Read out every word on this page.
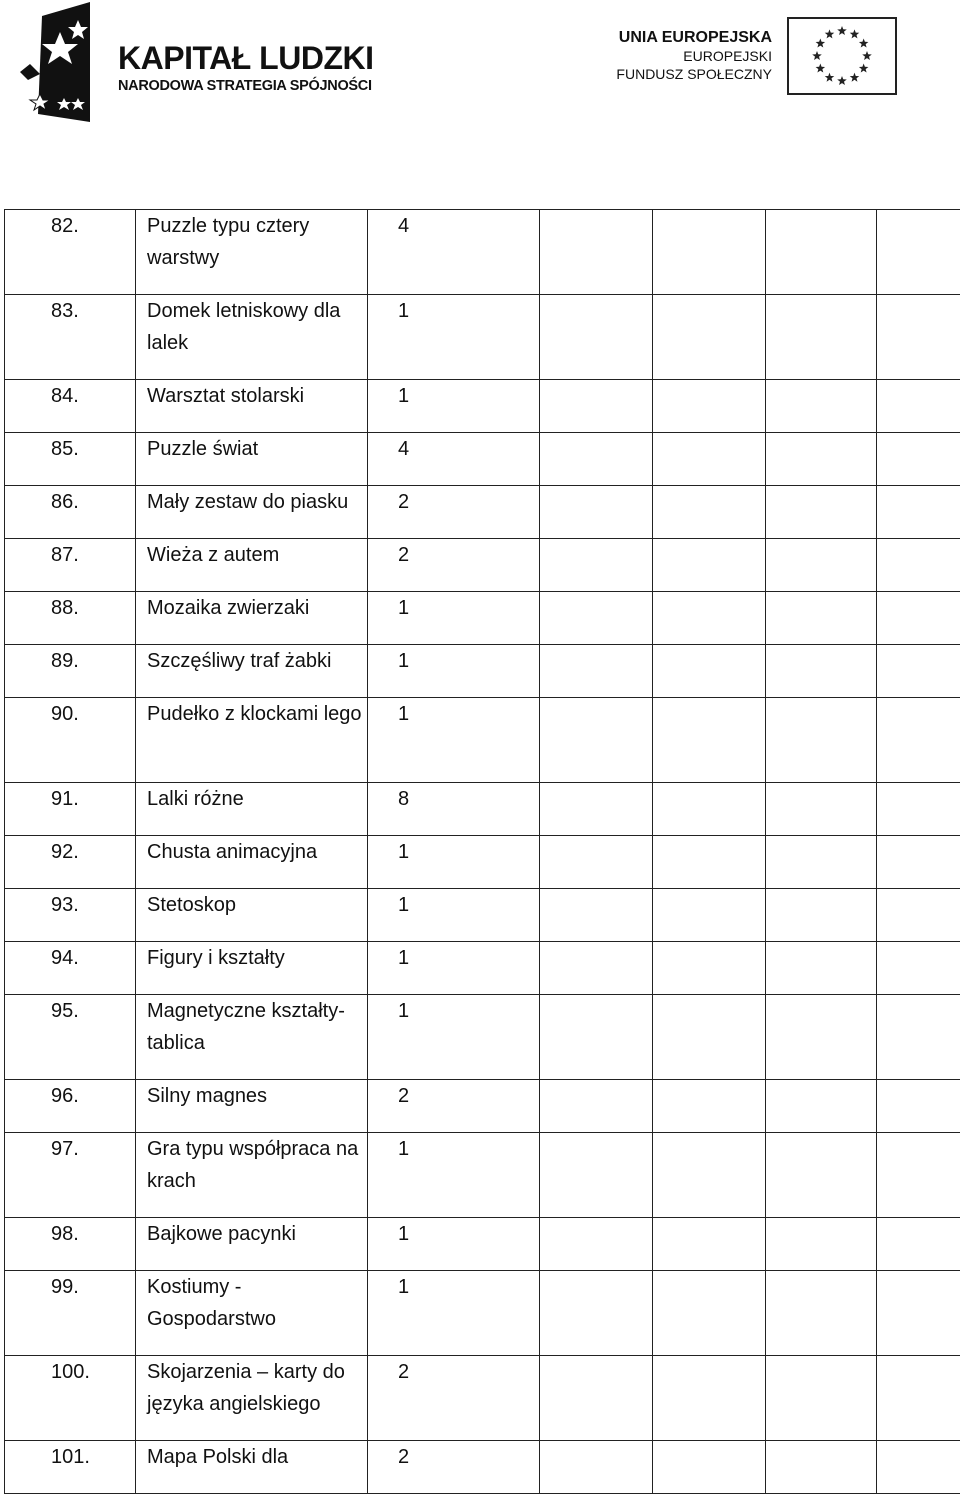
KAPITAŁ LUDZKI
NARODOWA STRATEGIA SPÓJNOŚCI
UNIA EUROPEJSKA
EUROPEJSKI
FUNDUSZ SPOŁECZNY
82.	Puzzle typu cztery warstwy	4				
83.	Domek letniskowy dla lalek	1				
84.	Warsztat stolarski	1				
85.	Puzzle świat	4				
86.	Mały zestaw do piasku	2				
87.	Wieża z autem	2				
88.	Mozaika zwierzaki	1				
89.	Szczęśliwy traf żabki	1				
90.	Pudełko z klockami lego	1				
91.	Lalki różne	8				
92.	Chusta animacyjna	1				
93.	Stetoskop	1				
94.	Figury i kształty	1				
95.	Magnetyczne kształty-tablica	1				
96.	Silny magnes	2				
97.	Gra typu współpraca na krach	1				
98.	Bajkowe pacynki	1				
99.	Kostiumy - Gospodarstwo	1				
100.	Skojarzenia – karty do języka angielskiego	2				
101.	Mapa Polski dla	2				
